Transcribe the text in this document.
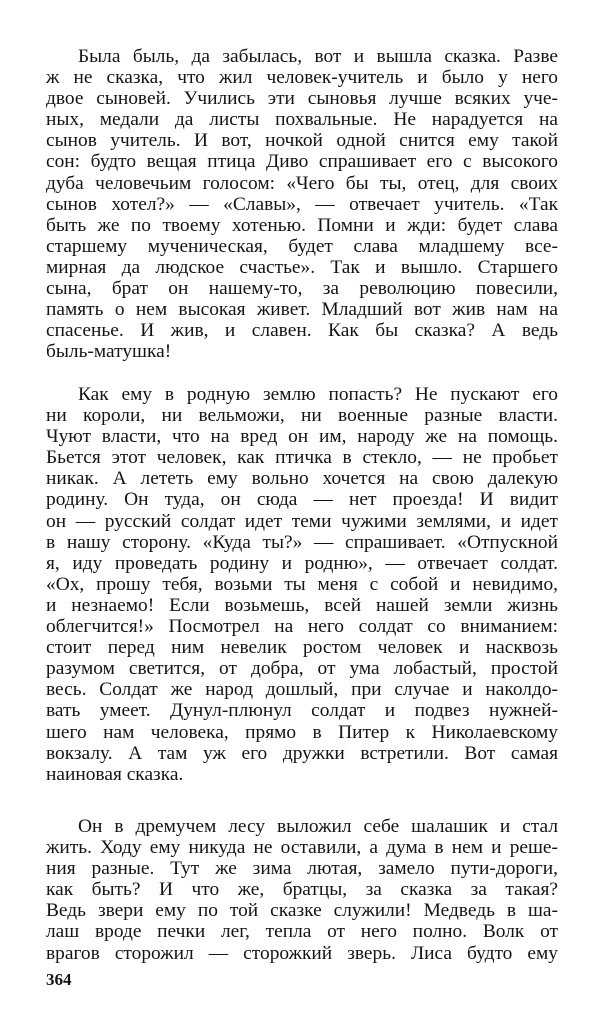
Была быль, да забылась, вот и вышла сказка. Разве
ж не сказка, что жил человек-учитель и было у него
двое сыновей. Учились эти сыновья лучше всяких уче-
ных, медали да листы похвальные. Не нарадуется на
сынов учитель. И вот, ночкой одной снится ему такой
сон: будто вещая птица Диво спрашивает его с высокого
дуба человечьим голосом: «Чего бы ты, отец, для своих
сынов хотел?» — «Славы», — отвечает учитель. «Так
быть же по твоему хотенью. Помни и жди: будет слава
старшему мученическая, будет слава младшему все-
мирная да людское счастье». Так и вышло. Старшего
сына, брат он нашему-то, за революцию повесили,
память о нем высокая живет. Младший вот жив нам на
спасенье. И жив, и славен. Как бы сказка? А ведь
быль-матушка!
Как ему в родную землю попасть? Не пускают его
ни короли, ни вельможи, ни военные разные власти.
Чуют власти, что на вред он им, народу же на помощь.
Бьется этот человек, как птичка в стекло, — не пробьет
никак. А лететь ему вольно хочется на свою далекую
родину. Он туда, он сюда — нет проезда! И видит
он — русский солдат идет теми чужими землями, и идет
в нашу сторону. «Куда ты?» — спрашивает. «Отпускной
я, иду проведать родину и родню», — отвечает солдат.
«Ох, прошу тебя, возьми ты меня с собой и невидимо,
и незнаемо! Если возьмешь, всей нашей земли жизнь
облегчится!» Посмотрел на него солдат со вниманием:
стоит перед ним невелик ростом человек и насквозь
разумом светится, от добра, от ума лобастый, простой
весь. Солдат же народ дошлый, при случае и наколдо-
вать умеет. Дунул-плюнул солдат и подвез нужней-
шего нам человека, прямо в Питер к Николаевскому
вокзалу. А там уж его дружки встретили. Вот самая
наиновая сказка.
Он в дремучем лесу выложил себе шалашик и стал
жить. Ходу ему никуда не оставили, а дума в нем и реше-
ния разные. Тут же зима лютая, замело пути-дороги,
как быть? И что же, братцы, за сказка за такая?
Ведь звери ему по той сказке служили! Медведь в ша-
лаш вроде печки лег, тепла от него полно. Волк от
врагов сторожил — сторожкий зверь. Лиса будто ему
364
